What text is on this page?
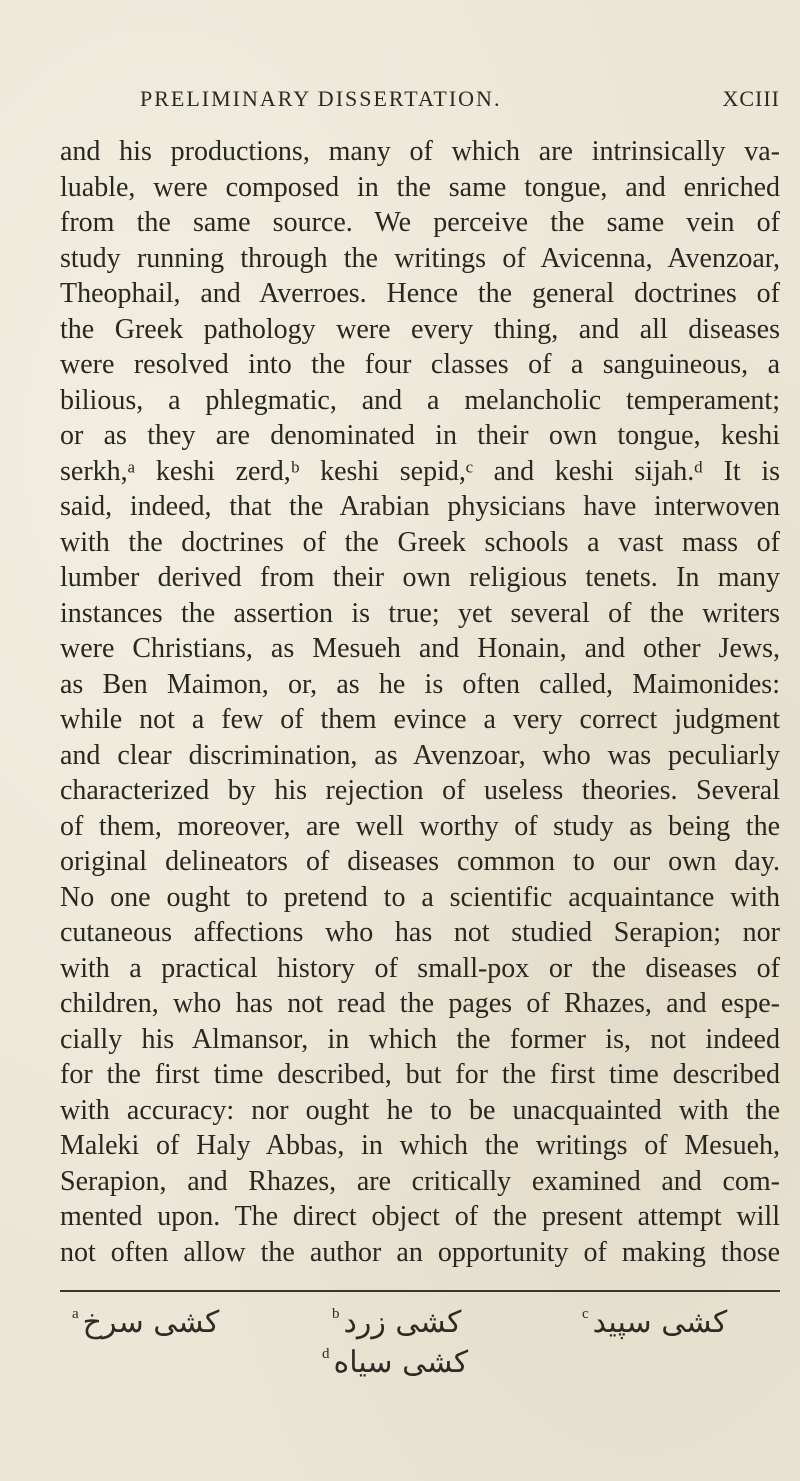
PRELIMINARY DISSERTATION.	XCIII
and his productions, many of which are intrinsically va-
luable, were composed in the same tongue, and enriched
from the same source. We perceive the same vein of
study running through the writings of Avicenna, Avenzoar,
Theophail, and Averroes. Hence the general doctrines of
the Greek pathology were every thing, and all diseases
were resolved into the four classes of a sanguineous, a
bilious, a phlegmatic, and a melancholic temperament;
or as they are denominated in their own tongue, keshi
serkh,ᵃ keshi zerd,ᵇ keshi sepid,ᶜ and keshi sijah.ᵈ It is
said, indeed, that the Arabian physicians have interwoven
with the doctrines of the Greek schools a vast mass of
lumber derived from their own religious tenets. In many
instances the assertion is true; yet several of the writers
were Christians, as Mesueh and Honain, and other Jews,
as Ben Maimon, or, as he is often called, Maimonides:
while not a few of them evince a very correct judgment
and clear discrimination, as Avenzoar, who was peculiarly
characterized by his rejection of useless theories. Several
of them, moreover, are well worthy of study as being the
original delineators of diseases common to our own day.
No one ought to pretend to a scientific acquaintance with
cutaneous affections who has not studied Serapion; nor
with a practical history of small-pox or the diseases of
children, who has not read the pages of Rhazes, and espe-
cially his Almansor, in which the former is, not indeed
for the first time described, but for the first time described
with accuracy: nor ought he to be unacquainted with the
Maleki of Haly Abbas, in which the writings of Mesueh,
Serapion, and Rhazes, are critically examined and com-
mented upon. The direct object of the present attempt will
not often allow the author an opportunity of making those
$^a$ كشى سرخ	$^b$ كشى زرد	$^c$ كشى سپيد
$^d$ كشى سياه
